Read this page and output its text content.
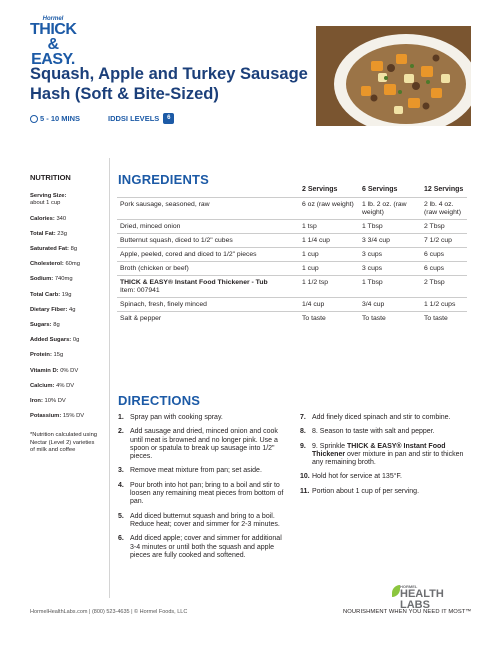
Hormel
THICK & EASY.
Squash, Apple and Turkey Sausage Hash (Soft & Bite-Sized)
5 - 10 MINS	IDDSI LEVELS	6
NUTRITION
Serving Size:
about 1 cup
Calories: 340
Total Fat: 23g
Saturated Fat: 8g
Cholesterol: 60mg
Sodium: 740mg
Total Carb: 19g
Dietary Fiber: 4g
Sugars: 8g
Added Sugars: 0g
Protein: 15g
Vitamin D: 0% DV
Calcium: 4% DV
Iron: 10% DV
Potassium: 15% DV
*Nutrition calculated using Nectar (Level 2) varieties of milk and coffee
INGREDIENTS
	2 Servings	6 Servings	12 Servings
Pork sausage, seasoned, raw	6 oz (raw weight)	1 lb. 2 oz. (raw weight)	2 lb. 4 oz. (raw weight)
Dried, minced onion	1 tsp	1 Tbsp	2 Tbsp
Butternut squash, diced to 1/2" cubes	1 1/4 cup	3 3/4 cup	7 1/2 cup
Apple, peeled, cored and diced to 1/2" pieces	1 cup	3 cups	6 cups
Broth (chicken or beef)	1 cup	3 cups	6 cups
THICK & EASY® Instant Food Thickener - Tub
Item: 007941	1 1/2 tsp	1 Tbsp	2 Tbsp
Spinach, fresh, finely minced	1/4 cup	3/4 cup	1 1/2 cups
Salt & pepper	To taste	To taste	To taste
DIRECTIONS
1. Spray pan with cooking spray.
2. Add sausage and dried, minced onion and cook until meat is browned and no longer pink. Use a spoon or spatula to break up sausage into 1/2" pieces.
3. Remove meat mixture from pan; set aside.
4. Pour broth into hot pan; bring to a boil and stir to loosen any remaining meat pieces from bottom of pan.
5. Add diced butternut squash and bring to a boil. Reduce heat; cover and simmer for 2-3 minutes.
6. Add diced apple; cover and simmer for additional 3-4 minutes or until both the squash and apple pieces are fully cooked and softened.
7. Add finely diced spinach and stir to combine.
8. 8. Season to taste with salt and pepper.
9. 9. Sprinkle THICK & EASY® Instant Food Thickener over mixture in pan and stir to thicken any remaining broth.
10. Hold hot for service at 135°F.
11. Portion about 1 cup of per serving.
HormelHealthLabs.com | (800) 523-4635 | © Hormel Foods, LLC
HORMEL
HEALTH LABS
NOURISHMENT WHEN YOU NEED IT MOST™
